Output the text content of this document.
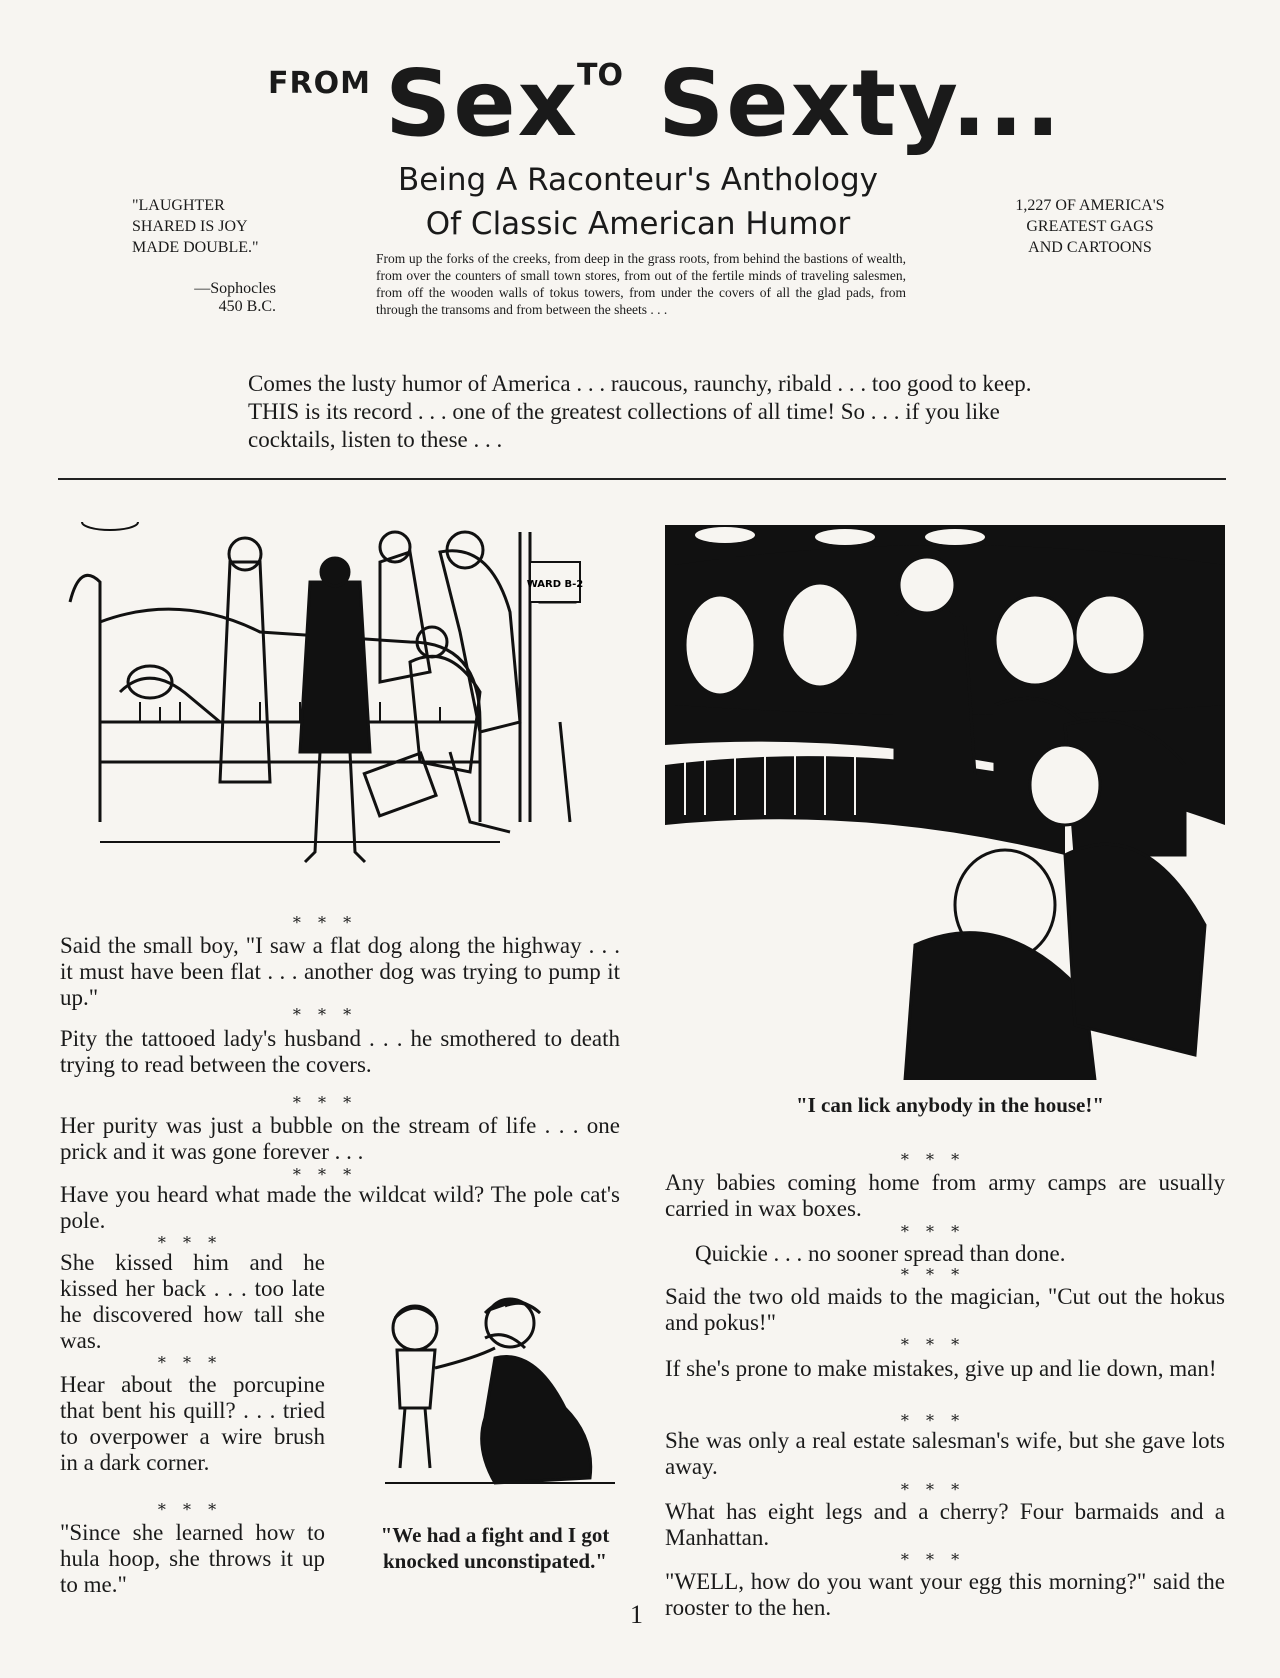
FROM Sex
TO Sexty...
Being A Raconteur's Anthology
Of Classic American Humor
From up the forks of the creeks, from deep in the grass roots, from behind the bastions of wealth, from over the counters of small town stores, from out of the fertile minds of traveling salesmen, from off the wooden walls of tokus towers, from under the covers of all the glad pads, from through the transoms and from between the sheets . . .
"LAUGHTER SHARED IS JOY MADE DOUBLE."
—Sophocles
450 B.C.
1,227 OF AMERICA'S GREATEST GAGS AND CARTOONS
Comes the lusty humor of America . . . raucous, raunchy, ribald . . . too good to keep. THIS is its record . . . one of the greatest collections of all time! So . . . if you like cocktails, listen to these . . .
WARD B-2
"I can lick anybody in the house!"
"We had a fight and I got knocked unconstipated."
* * *
Said the small boy, "I saw a flat dog along the highway . . . it must have been flat . . . another dog was trying to pump it up."
* * *
Pity the tattooed lady's husband . . . he smothered to death trying to read between the covers.
* * *
Her purity was just a bubble on the stream of life . . . one prick and it was gone forever . . .
* * *
Have you heard what made the wildcat wild? The pole cat's pole.
* * *
She kissed him and he kissed her back . . . too late he discovered how tall she was.
* * *
Hear about the porcupine that bent his quill? . . . tried to overpower a wire brush in a dark corner.
* * *
"Since she learned how to hula hoop, she throws it up to me."
* * *
Any babies coming home from army camps are usually carried in wax boxes.
* * *
Quickie . . . no sooner spread than done.
* * *
Said the two old maids to the magician, "Cut out the hokus and pokus!"
* * *
If she's prone to make mistakes, give up and lie down, man!
* * *
She was only a real estate salesman's wife, but she gave lots away.
* * *
What has eight legs and a cherry? Four barmaids and a Manhattan.
* * *
"WELL, how do you want your egg this morning?" said the rooster to the hen.
1
